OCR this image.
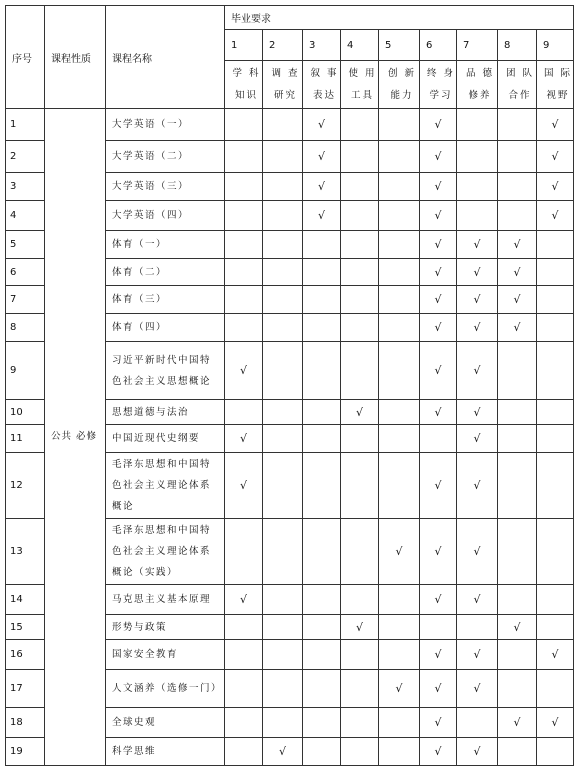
序号	课程性质	课程名称	毕业要求								
			1	2	3	4	5	6	7	8	9
			学 科 知识	调 查 研究	叙 事 表达	使 用 工具	创 新 能力	终 身 学习	品 德 修养	团 队 合作	国 际 视野
1	公共 必修	大学英语（一）			√			√			√
2		大学英语（二）			√			√			√
3		大学英语（三）			√			√			√
4		大学英语（四）			√			√			√
5		体育（一）						√	√	√	
6		体育（二）						√	√	√	
7		体育（三）						√	√	√	
8		体育（四）						√	√	√	
9		习近平新时代中国特色社会主义思想概论	√					√	√		
10		思想道德与法治				√		√	√		
11		中国近现代史纲要	√						√		
12		毛泽东思想和中国特色社会主义理论体系概论	√					√	√		
13		毛泽东思想和中国特色社会主义理论体系概论（实践）					√	√	√		
14		马克思主义基本原理	√					√	√		
15		形势与政策				√				√	
16		国家安全教育						√	√		√
17		人文涵养（选修一门）					√	√	√		
18		全球史观						√		√	√
19		科学思维		√				√	√		
